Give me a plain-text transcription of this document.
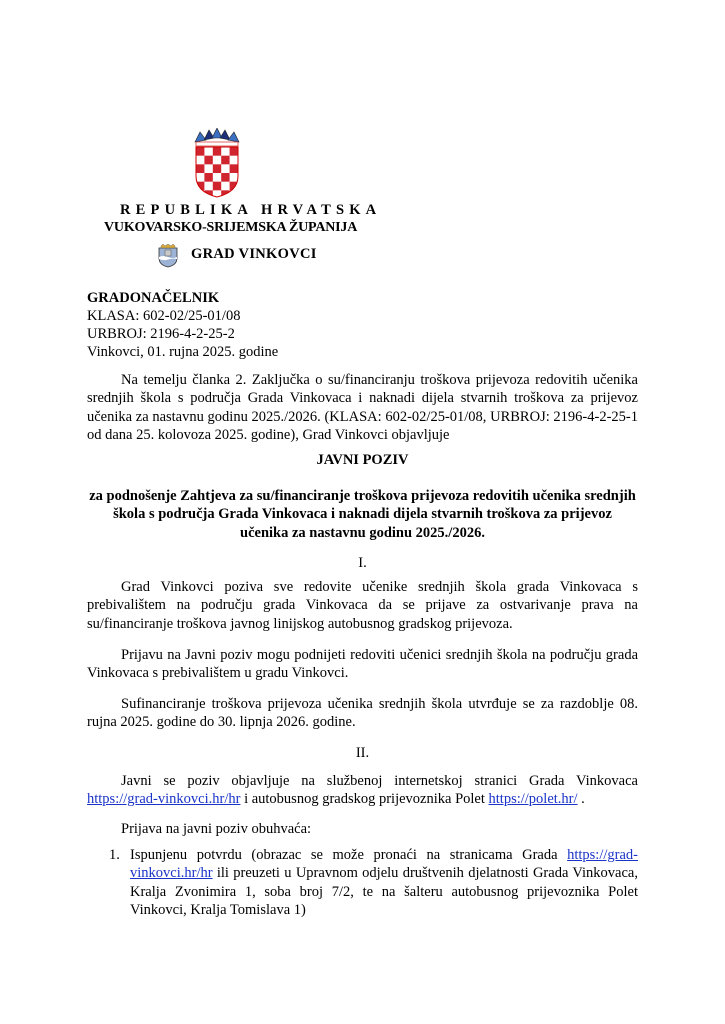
REPUBLIKA HRVATSKA
VUKOVARSKO-SRIJEMSKA ŽUPANIJA
GRAD VINKOVCI
GRADONAČELNIK
KLASA: 602-02/25-01/08
URBROJ: 2196-4-2-25-2
Vinkovci, 01. rujna 2025. godine
Na temelju članka 2. Zaključka o su/financiranju troškova prijevoza redovitih učenika srednjih škola s područja Grada Vinkovaca i naknadi dijela stvarnih troškova za prijevoz učenika za nastavnu godinu 2025./2026. (KLASA: 602-02/25-01/08, URBROJ: 2196-4-2-25-1 od dana 25. kolovoza 2025. godine), Grad Vinkovci objavljuje
JAVNI POZIV
za podnošenje Zahtjeva za su/financiranje troškova prijevoza redovitih učenika srednjih
škola s područja Grada Vinkovaca i naknadi dijela stvarnih troškova za prijevoz
učenika za nastavnu godinu 2025./2026.
I.
Grad Vinkovci poziva sve redovite učenike srednjih škola grada Vinkovaca s prebivalištem na području grada Vinkovaca da se prijave za ostvarivanje prava na su/financiranje troškova javnog linijskog autobusnog gradskog prijevoza.
Prijavu na Javni poziv mogu podnijeti redoviti učenici srednjih škola na području grada Vinkovaca s prebivalištem u gradu Vinkovci.
Sufinanciranje troškova prijevoza učenika srednjih škola utvrđuje se za razdoblje 08. rujna 2025. godine do 30. lipnja 2026. godine.
II.
Javni se poziv objavljuje na službenoj internetskoj stranici Grada Vinkovaca https://grad-vinkovci.hr/hr i autobusnog gradskog prijevoznika Polet https://polet.hr/ .
Prijava na javni poziv obuhvaća:
1. Ispunjenu potvrdu (obrazac se može pronaći na stranicama Grada https://grad-vinkovci.hr/hr ili preuzeti u Upravnom odjelu društvenih djelatnosti Grada Vinkovaca, Kralja Zvonimira 1, soba broj 7/2, te na šalteru autobusnog prijevoznika Polet Vinkovci, Kralja Tomislava 1)
